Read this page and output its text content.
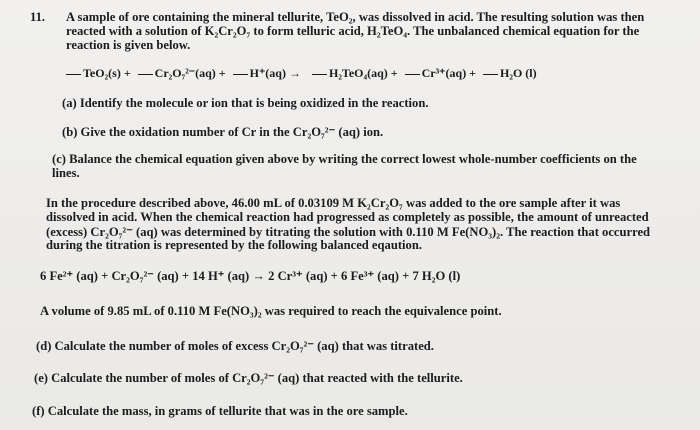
11. A sample of ore containing the mineral tellurite, TeO₂, was dissolved in acid. The resulting solution was then
reacted with a solution of K₂Cr₂O₇ to form telluric acid, H₂TeO₄. The unbalanced chemical equation for the
reaction is given below.
TeO₂(s) + Cr₂O₇²⁻(aq) + H⁺(aq) → H₂TeO₄(aq) + Cr³⁺(aq) + H₂O (l)
(a) Identify the molecule or ion that is being oxidized in the reaction.
(b) Give the oxidation number of Cr in the Cr₂O₇²⁻ (aq) ion.
(c) Balance the chemical equation given above by writing the correct lowest whole-number coefficients on the
lines.
In the procedure described above, 46.00 mL of 0.03109 M K₂Cr₂O₇ was added to the ore sample after it was
dissolved in acid. When the chemical reaction had progressed as completely as possible, the amount of unreacted
(excess) Cr₂O₇²⁻ (aq) was determined by titrating the solution with 0.110 M Fe(NO₃)₂. The reaction that occurred
during the titration is represented by the following balanced eqaution.
6 Fe²⁺ (aq) + Cr₂O₇²⁻ (aq) + 14 H⁺ (aq) → 2 Cr³⁺ (aq) + 6 Fe³⁺ (aq) + 7 H₂O (l)
A volume of 9.85 mL of 0.110 M Fe(NO₃)₂ was required to reach the equivalence point.
(d) Calculate the number of moles of excess Cr₂O₇²⁻ (aq) that was titrated.
(e) Calculate the number of moles of Cr₂O₇²⁻ (aq) that reacted with the tellurite.
(f) Calculate the mass, in grams of tellurite that was in the ore sample.
